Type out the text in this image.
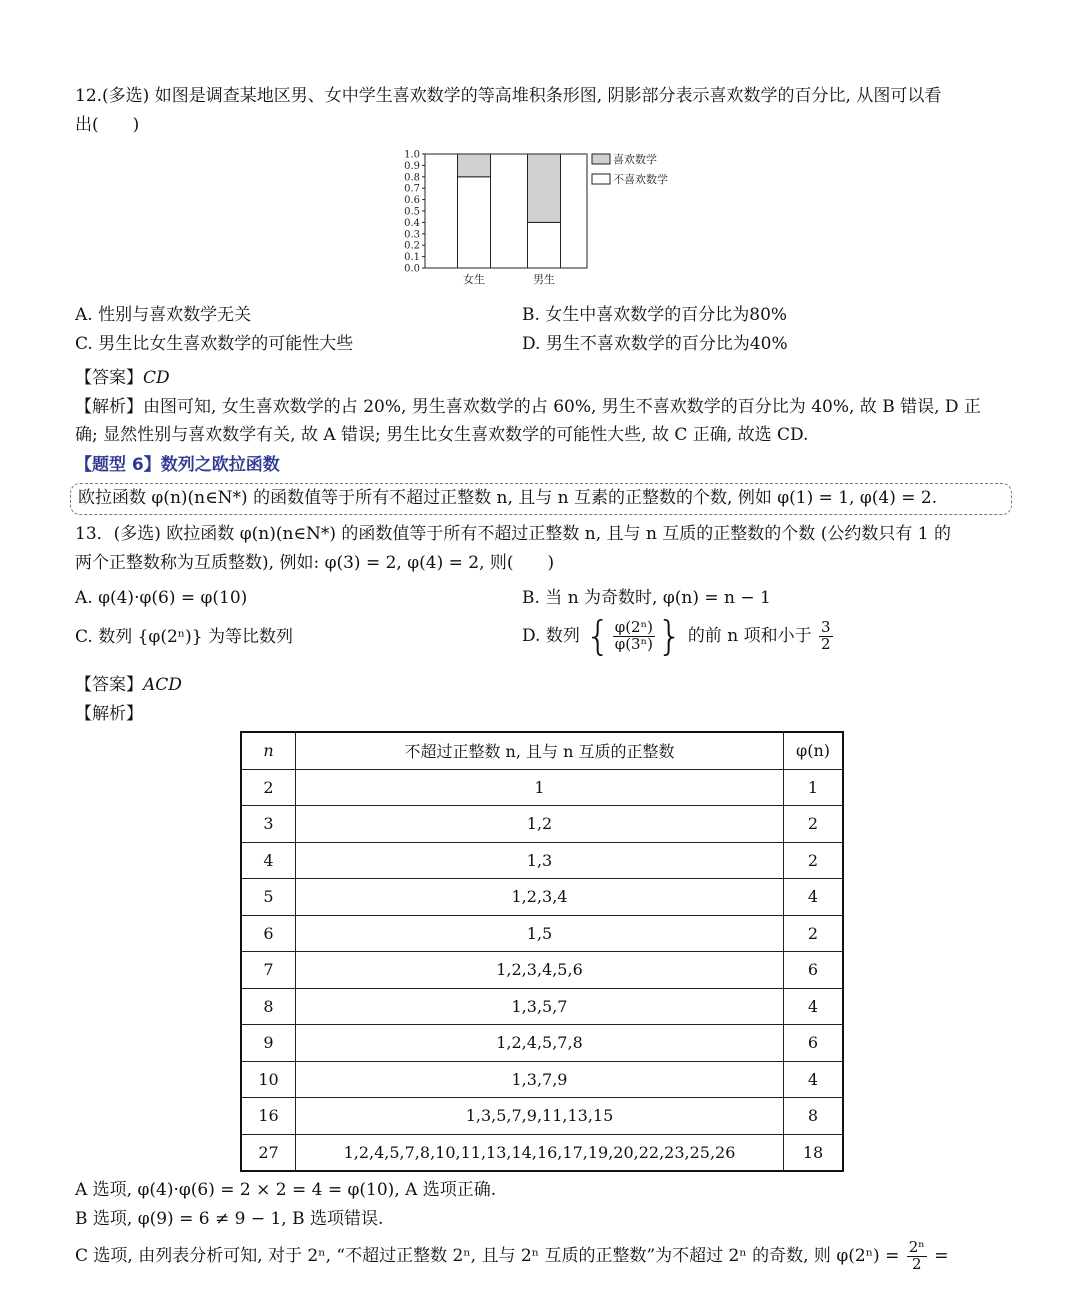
12.(多选) 如图是调查某地区男、女中学生喜欢数学的等高堆积条形图, 阴影部分表示喜欢数学的百分比, 从图可以看
出(　　)
0.0
0.1
0.2
0.3
0.4
0.5
0.6
0.7
0.8
0.9
1.0
女生	男生
喜欢数学
不喜欢数学
A. 性别与喜欢数学无关	B. 女生中喜欢数学的百分比为80%
C. 男生比女生喜欢数学的可能性大些	D. 男生不喜欢数学的百分比为40%
【答案】CD
【解析】由图可知, 女生喜欢数学的占 20%, 男生喜欢数学的占 60%, 男生不喜欢数学的百分比为 40%, 故 B 错误, D 正
确; 显然性别与喜欢数学有关, 故 A 错误; 男生比女生喜欢数学的可能性大些, 故 C 正确, 故选 CD.
【题型 6】数列之欧拉函数
欧拉函数 φ(n)(n∈N*) 的函数值等于所有不超过正整数 n, 且与 n 互素的正整数的个数, 例如 φ(1) = 1, φ(4) = 2.
13．(多选) 欧拉函数 φ(n)(n∈N*) 的函数值等于所有不超过正整数 n, 且与 n 互质的正整数的个数 (公约数只有 1 的
两个正整数称为互质整数), 例如: φ(3) = 2, φ(4) = 2, 则(　　)
A. φ(4)·φ(6) = φ(10)	B. 当 n 为奇数时, φ(n) = n − 1
C. 数列 {φ(2ⁿ)} 为等比数列	D. 数列 { $\frac{\text{φ(2ⁿ)}}{\text{φ(3ⁿ)}}$ } 的前 n 项和小于 $\frac{3}{2}$
【答案】ACD
【解析】
n	不超过正整数 n, 且与 n 互质的正整数	φ(n)
2	1	1
3	1,2	2
4	1,3	2
5	1,2,3,4	4
6	1,5	2
7	1,2,3,4,5,6	6
8	1,3,5,7	4
9	1,2,4,5,7,8	6
10	1,3,7,9	4
16	1,3,5,7,9,11,13,15	8
27	1,2,4,5,7,8,10,11,13,14,16,17,19,20,22,23,25,26	18
A 选项, φ(4)·φ(6) = 2 × 2 = 4 = φ(10), A 选项正确.
B 选项, φ(9) = 6 ≠ 9 − 1, B 选项错误.
C 选项, 由列表分析可知, 对于 2ⁿ, “不超过正整数 2ⁿ, 且与 2ⁿ 互质的正整数”为不超过 2ⁿ 的奇数, 则 $\varphi(2^n) = \frac{\text{2ⁿ}}{2}$ =
